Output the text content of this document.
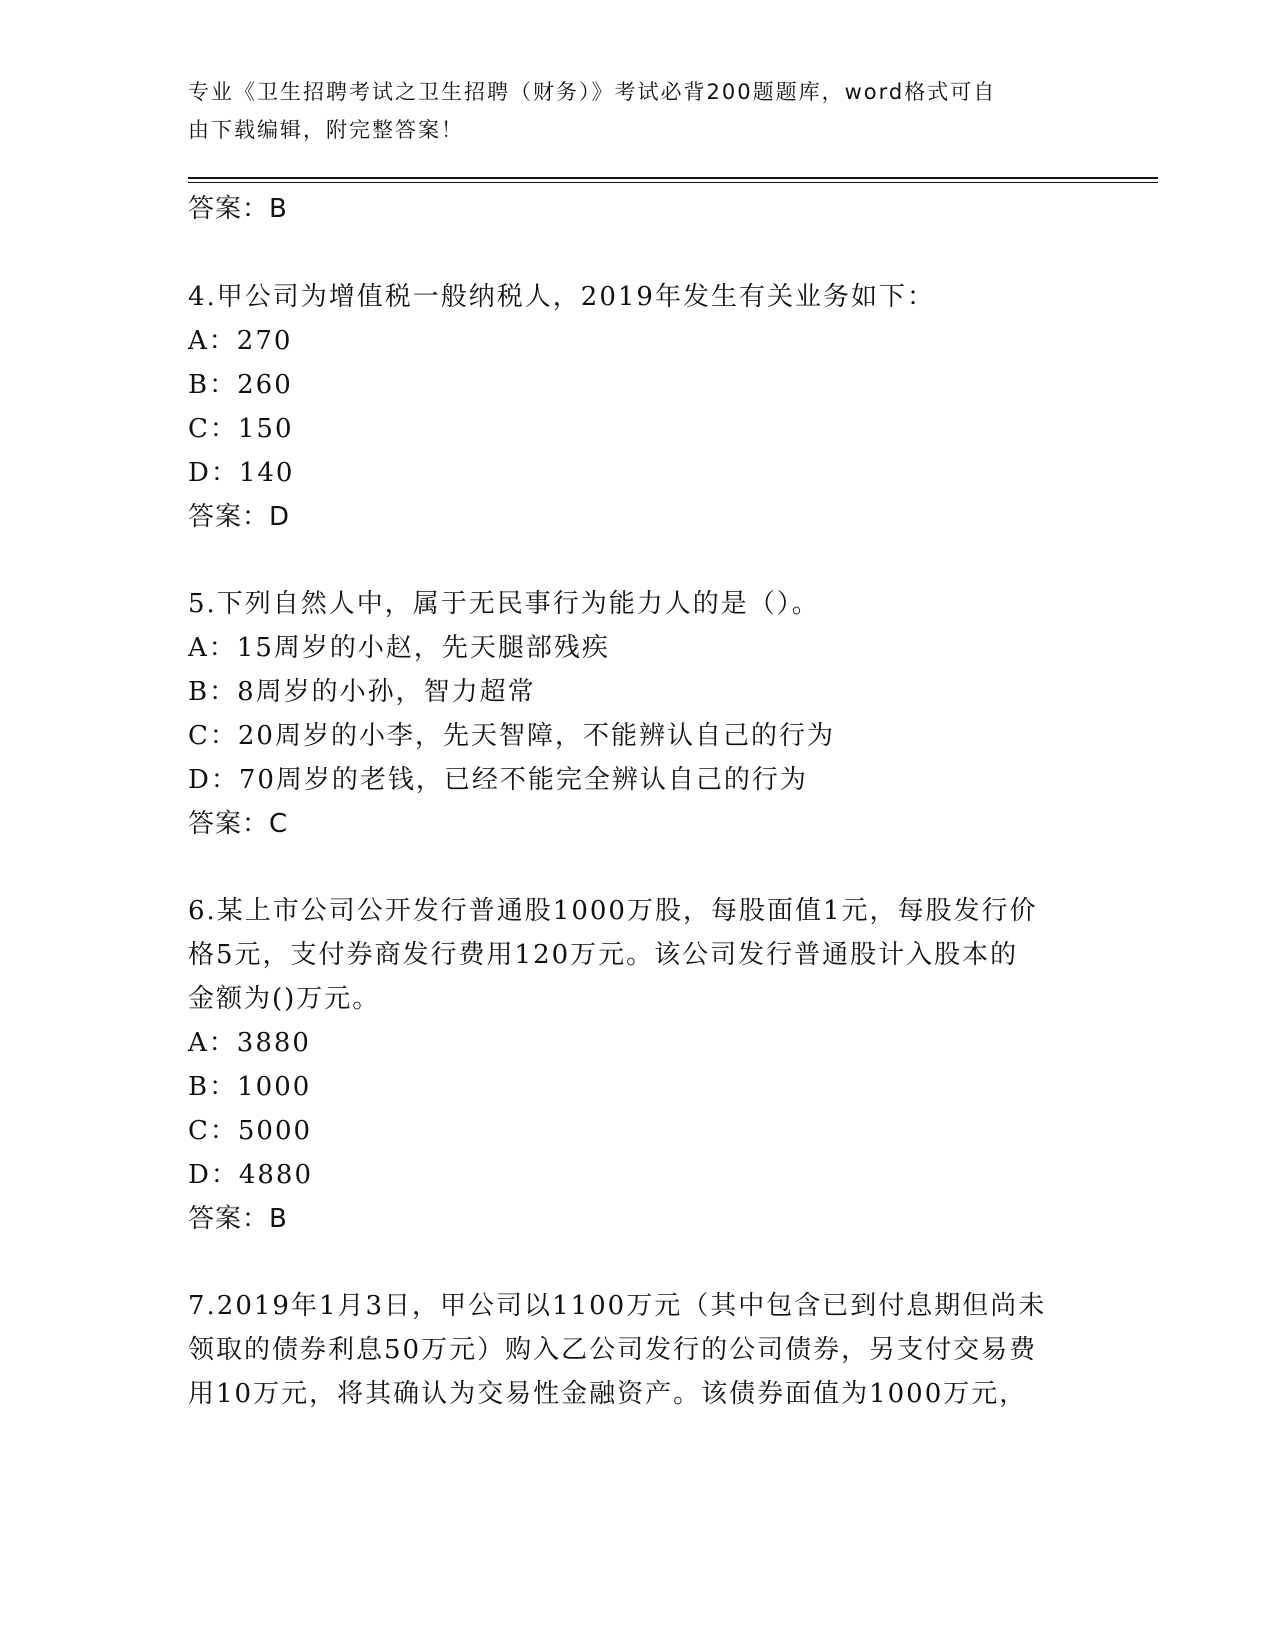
专业《卫生招聘考试之卫生招聘（财务）》考试必背200题题库，word格式可自
由下载编辑，附完整答案！
答案：B
4.甲公司为增值税一般纳税人，2019年发生有关业务如下：
A：270
B：260
C：150
D：140
答案：D
5.下列自然人中，属于无民事行为能力人的是（）。
A：15周岁的小赵，先天腿部残疾
B：8周岁的小孙，智力超常
C：20周岁的小李，先天智障，不能辨认自己的行为
D：70周岁的老钱，已经不能完全辨认自己的行为
答案：C
6.某上市公司公开发行普通股1000万股，每股面值1元，每股发行价
格5元，支付券商发行费用120万元。该公司发行普通股计入股本的
金额为()万元。
A：3880
B：1000
C：5000
D：4880
答案：B
7.2019年1月3日，甲公司以1100万元（其中包含已到付息期但尚未
领取的债券利息50万元）购入乙公司发行的公司债券，另支付交易费
用10万元，将其确认为交易性金融资产。该债券面值为1000万元，
